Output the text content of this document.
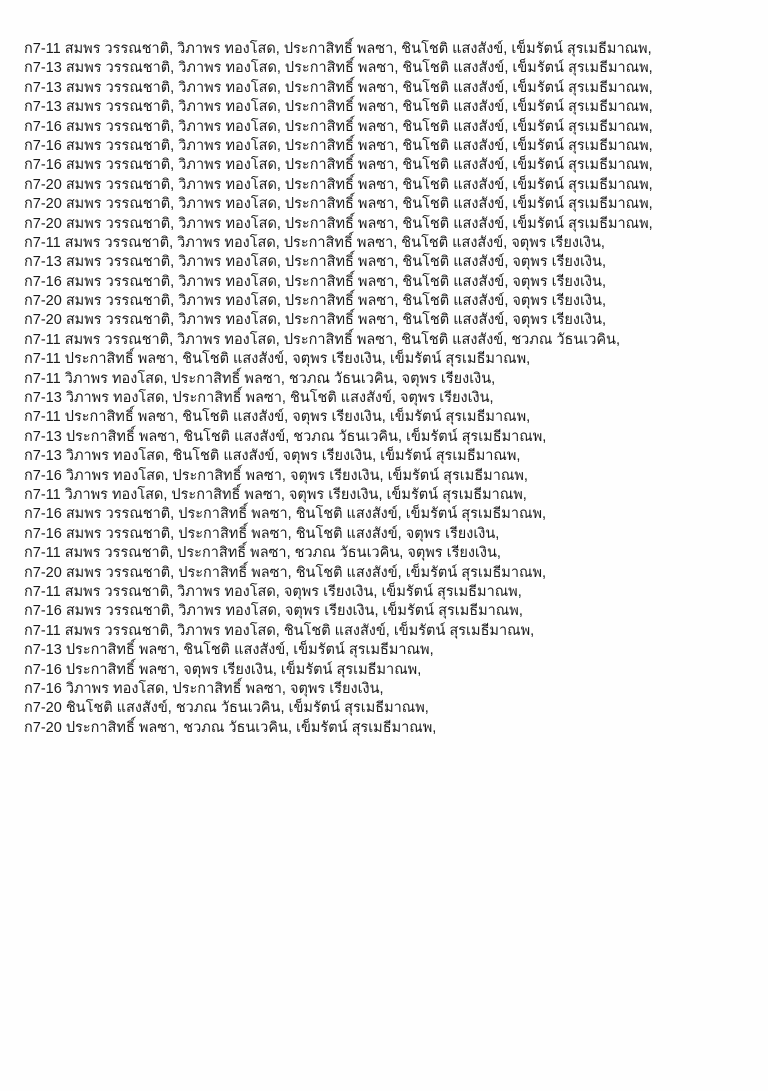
ก7-11 สมพร วรรณชาติ, วิภาพร ทองโสด, ประกาสิทธิ์ พลซา, ชินโชติ แสงสังข์, เข็มรัตน์ สุรเมธีมาณพ,
ก7-13 สมพร วรรณชาติ, วิภาพร ทองโสด, ประกาสิทธิ์ พลซา, ชินโชติ แสงสังข์, เข็มรัตน์ สุรเมธีมาณพ,
ก7-13 สมพร วรรณชาติ, วิภาพร ทองโสด, ประกาสิทธิ์ พลซา, ชินโชติ แสงสังข์, เข็มรัตน์ สุรเมธีมาณพ,
ก7-13 สมพร วรรณชาติ, วิภาพร ทองโสด, ประกาสิทธิ์ พลซา, ชินโชติ แสงสังข์, เข็มรัตน์ สุรเมธีมาณพ,
ก7-16 สมพร วรรณชาติ, วิภาพร ทองโสด, ประกาสิทธิ์ พลซา, ชินโชติ แสงสังข์, เข็มรัตน์ สุรเมธีมาณพ,
ก7-16 สมพร วรรณชาติ, วิภาพร ทองโสด, ประกาสิทธิ์ พลซา, ชินโชติ แสงสังข์, เข็มรัตน์ สุรเมธีมาณพ,
ก7-16 สมพร วรรณชาติ, วิภาพร ทองโสด, ประกาสิทธิ์ พลซา, ชินโชติ แสงสังข์, เข็มรัตน์ สุรเมธีมาณพ,
ก7-20 สมพร วรรณชาติ, วิภาพร ทองโสด, ประกาสิทธิ์ พลซา, ชินโชติ แสงสังข์, เข็มรัตน์ สุรเมธีมาณพ,
ก7-20 สมพร วรรณชาติ, วิภาพร ทองโสด, ประกาสิทธิ์ พลซา, ชินโชติ แสงสังข์, เข็มรัตน์ สุรเมธีมาณพ,
ก7-20 สมพร วรรณชาติ, วิภาพร ทองโสด, ประกาสิทธิ์ พลซา, ชินโชติ แสงสังข์, เข็มรัตน์ สุรเมธีมาณพ,
ก7-11 สมพร วรรณชาติ, วิภาพร ทองโสด, ประกาสิทธิ์ พลซา, ชินโชติ แสงสังข์, จตุพร เรียงเงิน,
ก7-13 สมพร วรรณชาติ, วิภาพร ทองโสด, ประกาสิทธิ์ พลซา, ชินโชติ แสงสังข์, จตุพร เรียงเงิน,
ก7-16 สมพร วรรณชาติ, วิภาพร ทองโสด, ประกาสิทธิ์ พลซา, ชินโชติ แสงสังข์, จตุพร เรียงเงิน,
ก7-20 สมพร วรรณชาติ, วิภาพร ทองโสด, ประกาสิทธิ์ พลซา, ชินโชติ แสงสังข์, จตุพร เรียงเงิน,
ก7-20 สมพร วรรณชาติ, วิภาพร ทองโสด, ประกาสิทธิ์ พลซา, ชินโชติ แสงสังข์, จตุพร เรียงเงิน,
ก7-11 สมพร วรรณชาติ, วิภาพร ทองโสด, ประกาสิทธิ์ พลซา, ชินโชติ แสงสังข์, ชวภณ วัธนเวคิน,
ก7-11 ประกาสิทธิ์ พลซา, ชินโชติ แสงสังข์, จตุพร เรียงเงิน, เข็มรัตน์ สุรเมธีมาณพ,
ก7-11 วิภาพร ทองโสด, ประกาสิทธิ์ พลซา, ชวภณ วัธนเวคิน, จตุพร เรียงเงิน,
ก7-13 วิภาพร ทองโสด, ประกาสิทธิ์ พลซา, ชินโชติ แสงสังข์, จตุพร เรียงเงิน,
ก7-11 ประกาสิทธิ์ พลซา, ชินโชติ แสงสังข์, จตุพร เรียงเงิน, เข็มรัตน์ สุรเมธีมาณพ,
ก7-13 ประกาสิทธิ์ พลซา, ชินโชติ แสงสังข์, ชวภณ วัธนเวคิน, เข็มรัตน์ สุรเมธีมาณพ,
ก7-13 วิภาพร ทองโสด, ชินโชติ แสงสังข์, จตุพร เรียงเงิน, เข็มรัตน์ สุรเมธีมาณพ,
ก7-16 วิภาพร ทองโสด, ประกาสิทธิ์ พลซา, จตุพร เรียงเงิน, เข็มรัตน์ สุรเมธีมาณพ,
ก7-11 วิภาพร ทองโสด, ประกาสิทธิ์ พลซา, จตุพร เรียงเงิน, เข็มรัตน์ สุรเมธีมาณพ,
ก7-16 สมพร วรรณชาติ, ประกาสิทธิ์ พลซา, ชินโชติ แสงสังข์, เข็มรัตน์ สุรเมธีมาณพ,
ก7-16 สมพร วรรณชาติ, ประกาสิทธิ์ พลซา, ชินโชติ แสงสังข์, จตุพร เรียงเงิน,
ก7-11 สมพร วรรณชาติ, ประกาสิทธิ์ พลซา, ชวภณ วัธนเวคิน, จตุพร เรียงเงิน,
ก7-20 สมพร วรรณชาติ, ประกาสิทธิ์ พลซา, ชินโชติ แสงสังข์, เข็มรัตน์ สุรเมธีมาณพ,
ก7-11 สมพร วรรณชาติ, วิภาพร ทองโสด, จตุพร เรียงเงิน, เข็มรัตน์ สุรเมธีมาณพ,
ก7-16 สมพร วรรณชาติ, วิภาพร ทองโสด, จตุพร เรียงเงิน, เข็มรัตน์ สุรเมธีมาณพ,
ก7-11 สมพร วรรณชาติ, วิภาพร ทองโสด, ชินโชติ แสงสังข์, เข็มรัตน์ สุรเมธีมาณพ,
ก7-13 ประกาสิทธิ์ พลซา, ชินโชติ แสงสังข์, เข็มรัตน์ สุรเมธีมาณพ,
ก7-16 ประกาสิทธิ์ พลซา, จตุพร เรียงเงิน, เข็มรัตน์ สุรเมธีมาณพ,
ก7-16 วิภาพร ทองโสด, ประกาสิทธิ์ พลซา, จตุพร เรียงเงิน,
ก7-20 ชินโชติ แสงสังข์, ชวภณ วัธนเวคิน, เข็มรัตน์ สุรเมธีมาณพ,
ก7-20 ประกาสิทธิ์ พลซา, ชวภณ วัธนเวคิน, เข็มรัตน์ สุรเมธีมาณพ,
